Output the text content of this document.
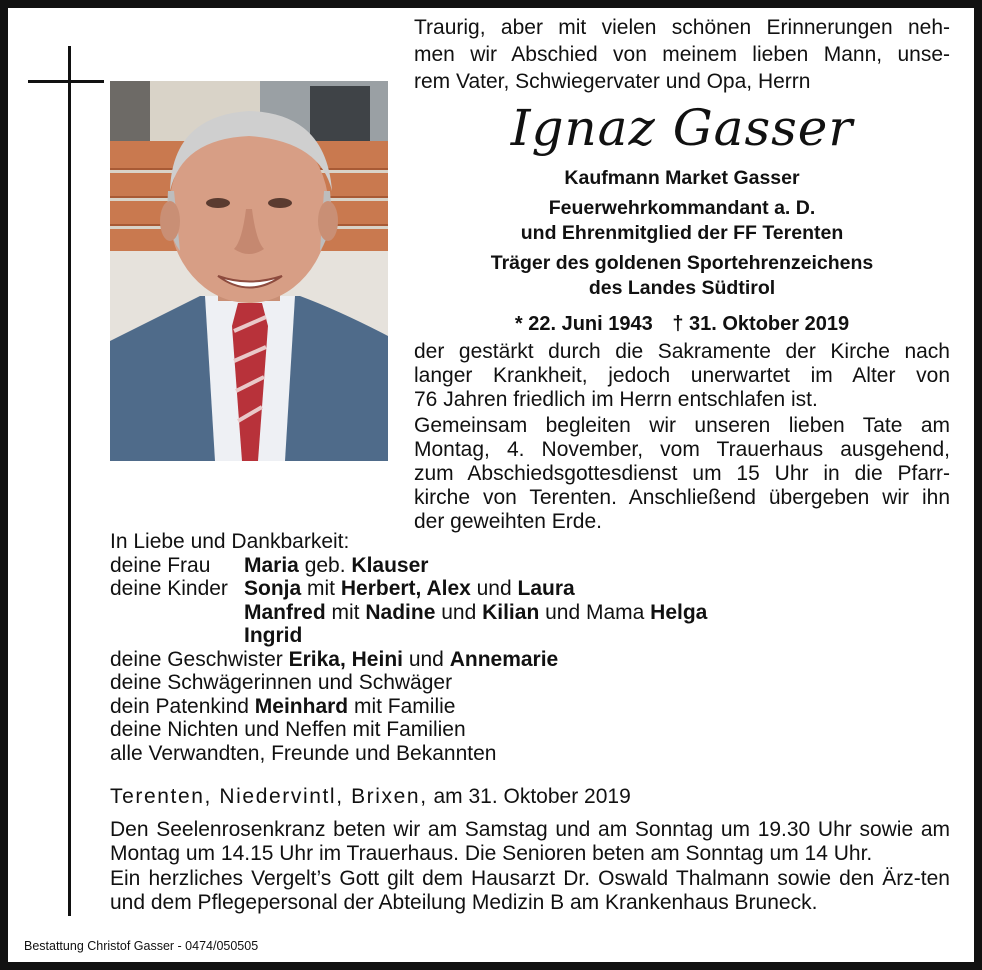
Traurig, aber mit vielen schönen Erinnerungen neh-
men wir Abschied von meinem lieben Mann, unse-
rem Vater, Schwiegervater und Opa, Herrn
Ignaz Gasser
Kaufmann Market Gasser
Feuerwehrkommandant a. D.
und Ehrenmitglied der FF Terenten
Träger des goldenen Sportehrenzeichens
des Landes Südtirol
* 22. Juni 1943 † 31. Oktober 2019

der gestärkt durch die Sakramente der Kirche nach
langer Krankheit, jedoch unerwartet im Alter von
76 Jahren friedlich im Herrn entschlafen ist.

Gemeinsam begleiten wir unseren lieben Tate am
Montag, 4. November, vom Trauerhaus ausgehend,
zum Abschiedsgottesdienst um 15 Uhr in die Pfarr-
kirche von Terenten. Anschließend übergeben wir ihn
der geweihten Erde.

In Liebe und Dankbarkeit:
deine Frau	Maria geb. Klauser
deine Kinder Sonja mit Herbert, Alex und Laura
Manfred mit Nadine und Kilian und Mama Helga
Ingrid
deine Geschwister Erika, Heini und Annemarie
deine Schwägerinnen und Schwäger
dein Patenkind Meinhard mit Familie
deine Nichten und Neffen mit Familien
alle Verwandten, Freunde und Bekannten
Terenten, Niedervintl, Brixen, am 31. Oktober 2019

Den Seelenrosenkranz beten wir am Samstag und am Sonntag um 19.30 Uhr sowie am Montag um 14.15 Uhr im Trauerhaus. Die Senioren beten am Sonntag um 14 Uhr.

Ein herzliches Vergelt’s Gott gilt dem Hausarzt Dr. Oswald Thalmann sowie den Ärz-ten und dem Pflegepersonal der Abteilung Medizin B am Krankenhaus Bruneck.

Bestattung Christof Gasser - 0474/050505
